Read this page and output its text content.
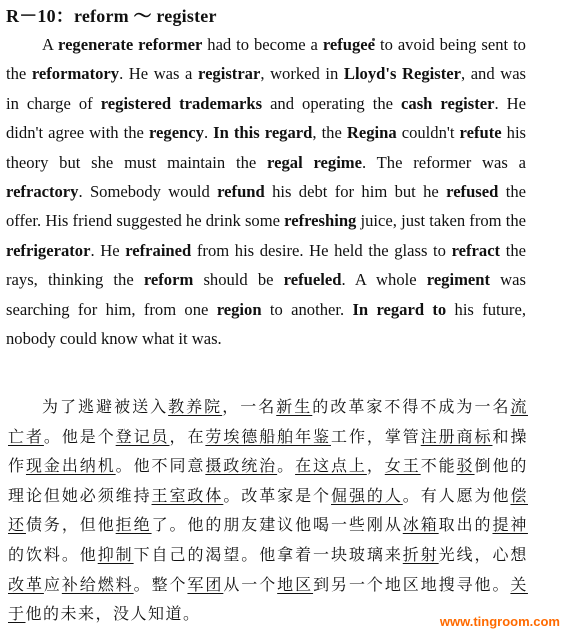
R－10：reform ～ register

A regenerate reformer had to become a refugee to avoid being sent to the reformatory. He was a registrar, worked in Lloyd's Register, and was in charge of registered trademarks and operating the cash register. He didn't agree with the regency. In this regard, the Regina couldn't refute his theory but she must maintain the regal regime. The reformer was a refractory. Somebody would refund his debt for him but he refused the offer. His friend suggested he drink some refreshing juice, just taken from the refrigerator. He refrained from his desire. He held the glass to refract the rays, thinking the reform should be refueled. A whole regiment was searching for him, from one region to another. In regard to his future, nobody could know what it was.

为了逃避被送入教养院，一名新生的改革家不得不成为一名流亡者。他是个登记员，在劳埃德船舶年鉴工作，掌管注册商标和操作现金出纳机。他不同意摄政统治。在这点上，女王不能驳倒他的理论但她必须维持王室政体。改革家是个倔强的人。有人愿为他偿还债务，但他拒绝了。他的朋友建议他喝一些刚从冰箱取出的提神的饮料。他抑制下自己的渴望。他拿着一块玻璃来折射光线，心想改革应补给燃料。整个军团从一个地区到另一个地区地搜寻他。关于他的未来，没人知道。	www.tingroom.com
